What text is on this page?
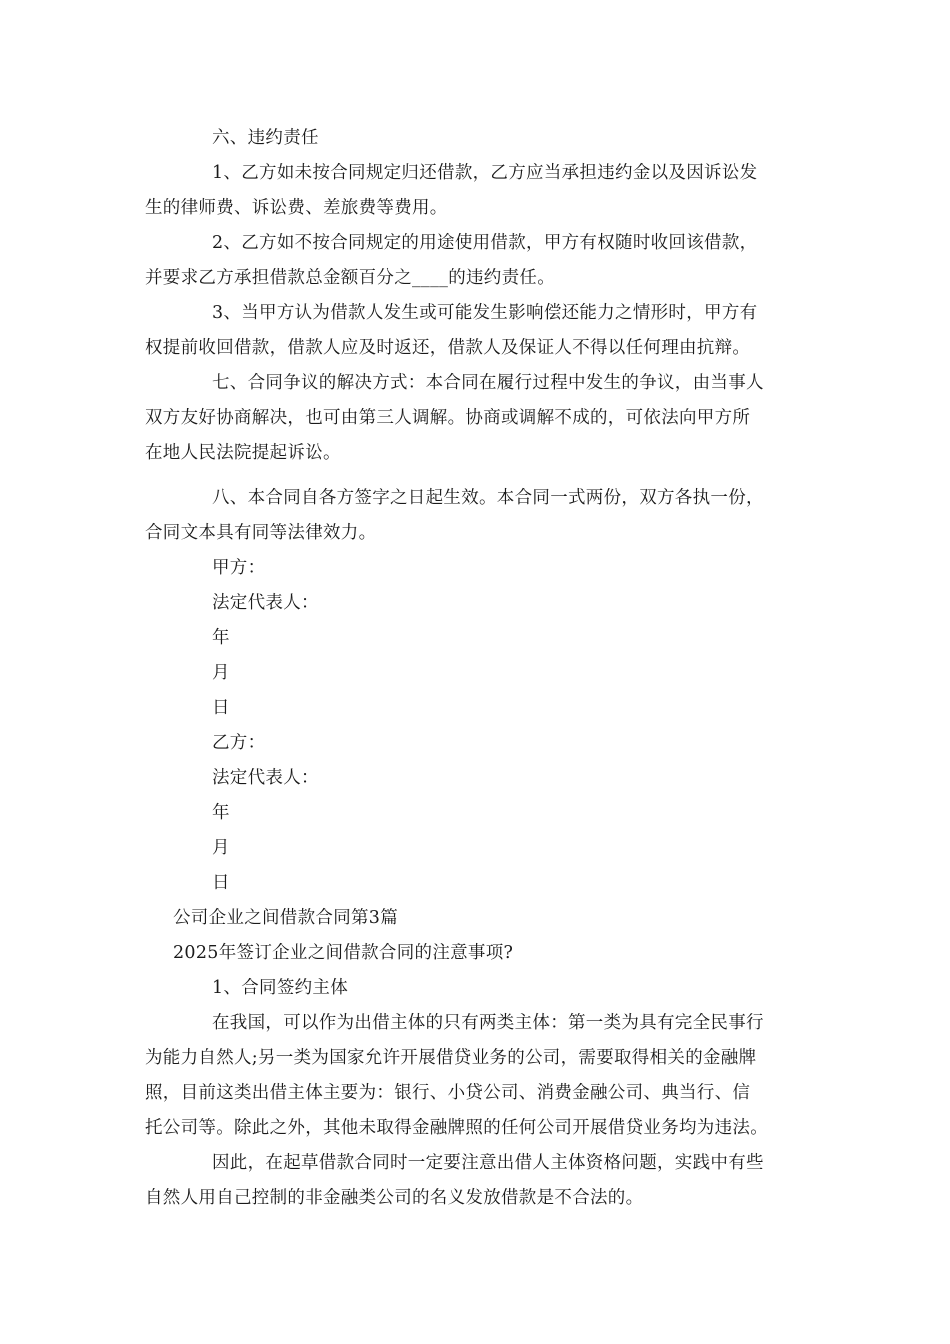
六、违约责任
1、乙方如未按合同规定归还借款，乙方应当承担违约金以及因诉讼发
生的律师费、诉讼费、差旅费等费用。
2、乙方如不按合同规定的用途使用借款，甲方有权随时收回该借款，
并要求乙方承担借款总金额百分之____的违约责任。
3、当甲方认为借款人发生或可能发生影响偿还能力之情形时，甲方有
权提前收回借款，借款人应及时返还，借款人及保证人不得以任何理由抗辩。
七、合同争议的解决方式：本合同在履行过程中发生的争议，由当事人
双方友好协商解决，也可由第三人调解。协商或调解不成的，可依法向甲方所
在地人民法院提起诉讼。
八、本合同自各方签字之日起生效。本合同一式两份，双方各执一份，
合同文本具有同等法律效力。
甲方：
法定代表人：
年
月
日
乙方：
法定代表人：
年
月
日
公司企业之间借款合同第3篇
2025年签订企业之间借款合同的注意事项?
1、合同签约主体
在我国，可以作为出借主体的只有两类主体：第一类为具有完全民事行
为能力自然人;另一类为国家允许开展借贷业务的公司，需要取得相关的金融牌
照，目前这类出借主体主要为：银行、小贷公司、消费金融公司、典当行、信
托公司等。除此之外，其他未取得金融牌照的任何公司开展借贷业务均为违法。
因此，在起草借款合同时一定要注意出借人主体资格问题，实践中有些
自然人用自己控制的非金融类公司的名义发放借款是不合法的。
